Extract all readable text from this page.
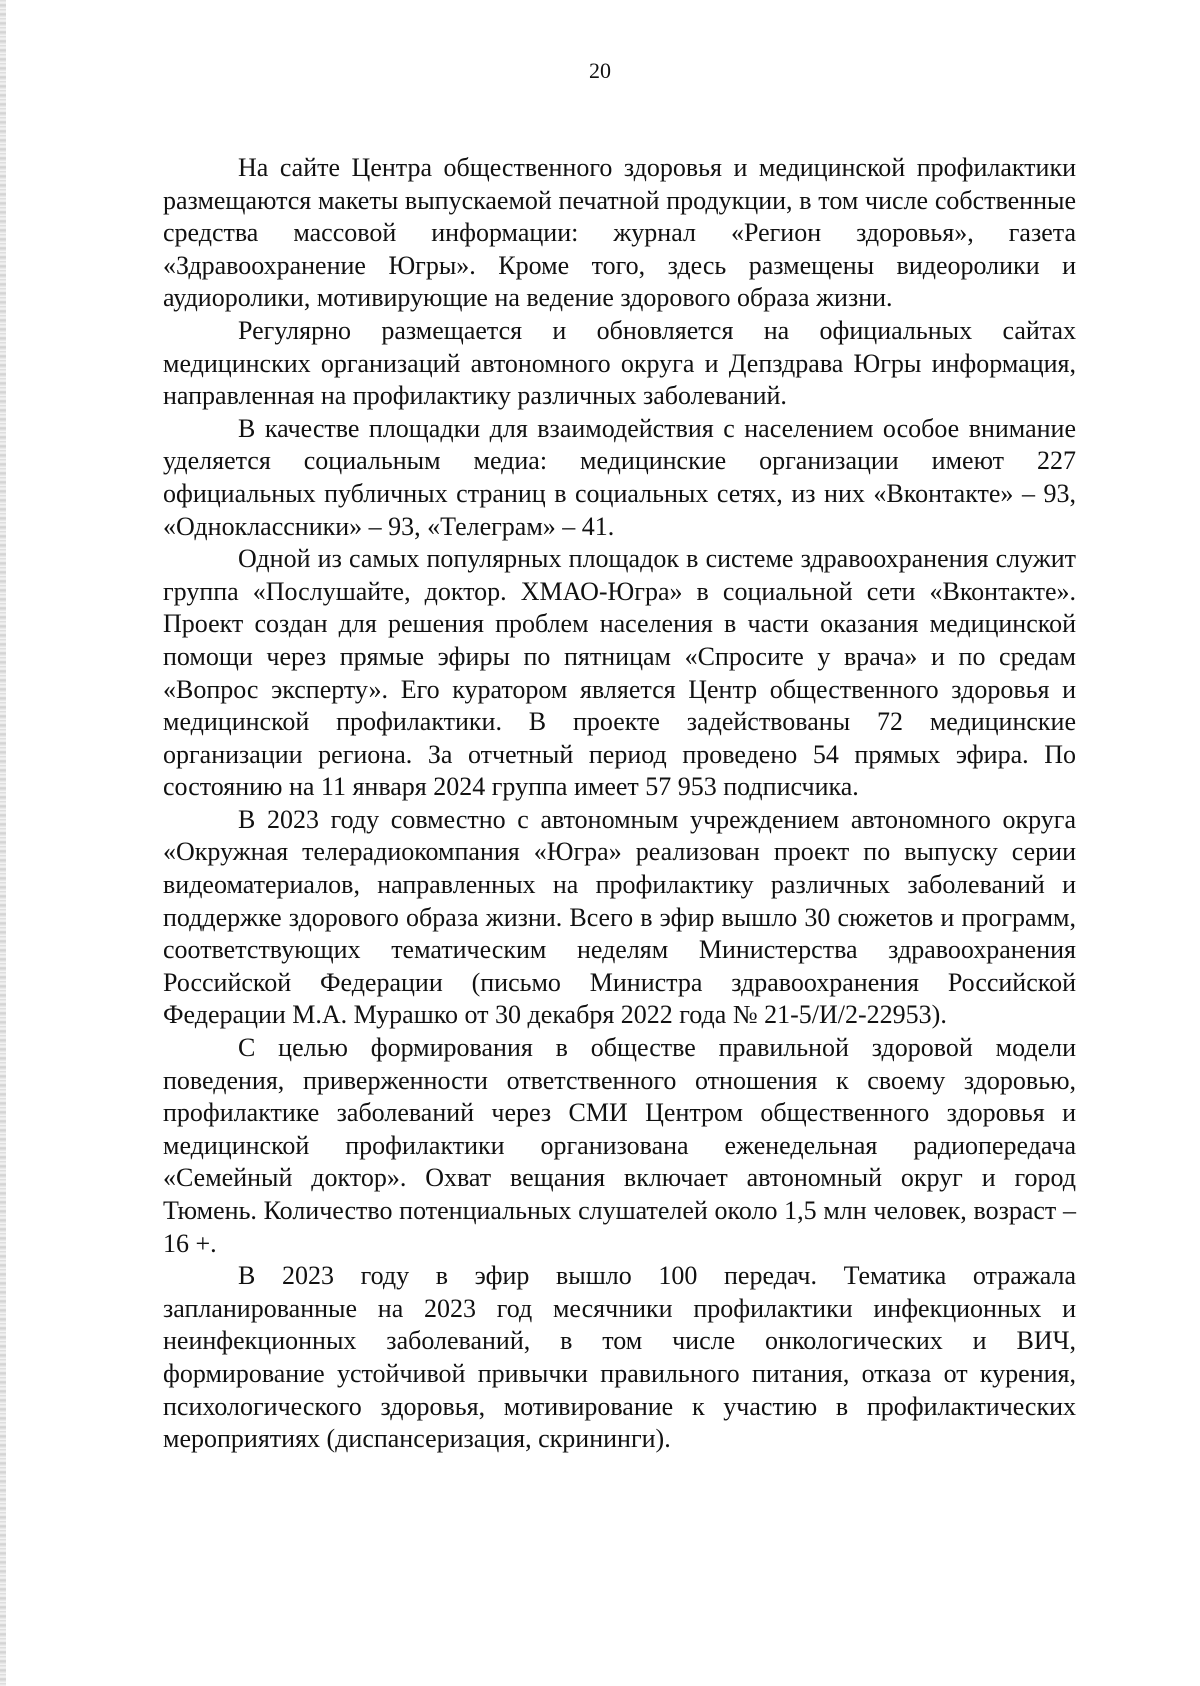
20

На сайте Центра общественного здоровья и медицинской профилактики размещаются макеты выпускаемой печатной продукции, в том числе собственные средства массовой информации: журнал «Регион здоровья», газета «Здравоохранение Югры». Кроме того, здесь размещены видеоролики и аудиоролики, мотивирующие на ведение здорового образа жизни.

Регулярно размещается и обновляется на официальных сайтах медицинских организаций автономного округа и Депздрава Югры информация, направленная на профилактику различных заболеваний.

В качестве площадки для взаимодействия с населением особое внимание уделяется социальным медиа: медицинские организации имеют 227 официальных публичных страниц в социальных сетях, из них «Вконтакте» – 93, «Одноклассники» – 93, «Телеграм» – 41.

Одной из самых популярных площадок в системе здравоохранения служит группа «Послушайте, доктор. ХМАО-Югра» в социальной сети «Вконтакте». Проект создан для решения проблем населения в части оказания медицинской помощи через прямые эфиры по пятницам «Спросите у врача» и по средам «Вопрос эксперту». Его куратором является Центр общественного здоровья и медицинской профилактики. В проекте задействованы 72 медицинские организации региона. За отчетный период проведено 54 прямых эфира. По состоянию на 11 января 2024 группа имеет 57 953 подписчика.

В 2023 году совместно с автономным учреждением автономного округа «Окружная телерадиокомпания «Югра» реализован проект по выпуску серии видеоматериалов, направленных на профилактику различных заболеваний и поддержке здорового образа жизни. Всего в эфир вышло 30 сюжетов и программ, соответствующих тематическим неделям Министерства здравоохранения Российской Федерации (письмо Министра здравоохранения Российской Федерации М.А. Мурашко от 30 декабря 2022 года № 21-5/И/2-22953).

С целью формирования в обществе правильной здоровой модели поведения, приверженности ответственного отношения к своему здоровью, профилактике заболеваний через СМИ Центром общественного здоровья и медицинской профилактики организована еженедельная радиопередача «Семейный доктор». Охват вещания включает автономный округ и город Тюмень. Количество потенциальных слушателей около 1,5 млн человек, возраст – 16 +.

В 2023 году в эфир вышло 100 передач. Тематика отражала запланированные на 2023 год месячники профилактики инфекционных и неинфекционных заболеваний, в том числе онкологических и ВИЧ, формирование устойчивой привычки правильного питания, отказа от курения, психологического здоровья, мотивирование к участию в профилактических мероприятиях (диспансеризация, скрининги).
